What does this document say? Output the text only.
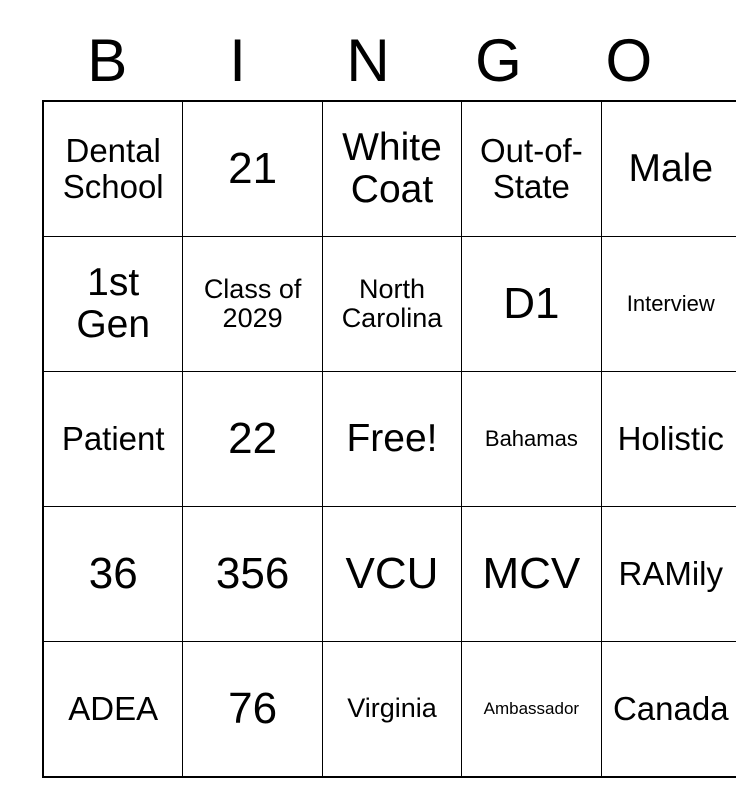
B	I	N	G	O
Dental School	21	White Coat	Out-of-State	Male

1st Gen	Class of 2029	North Carolina	D1	Interview

Patient	22	Free!	Bahamas	Holistic

36	356	VCU	MCV	RAMily

ADEA	76	Virginia	Ambassador	Canada
